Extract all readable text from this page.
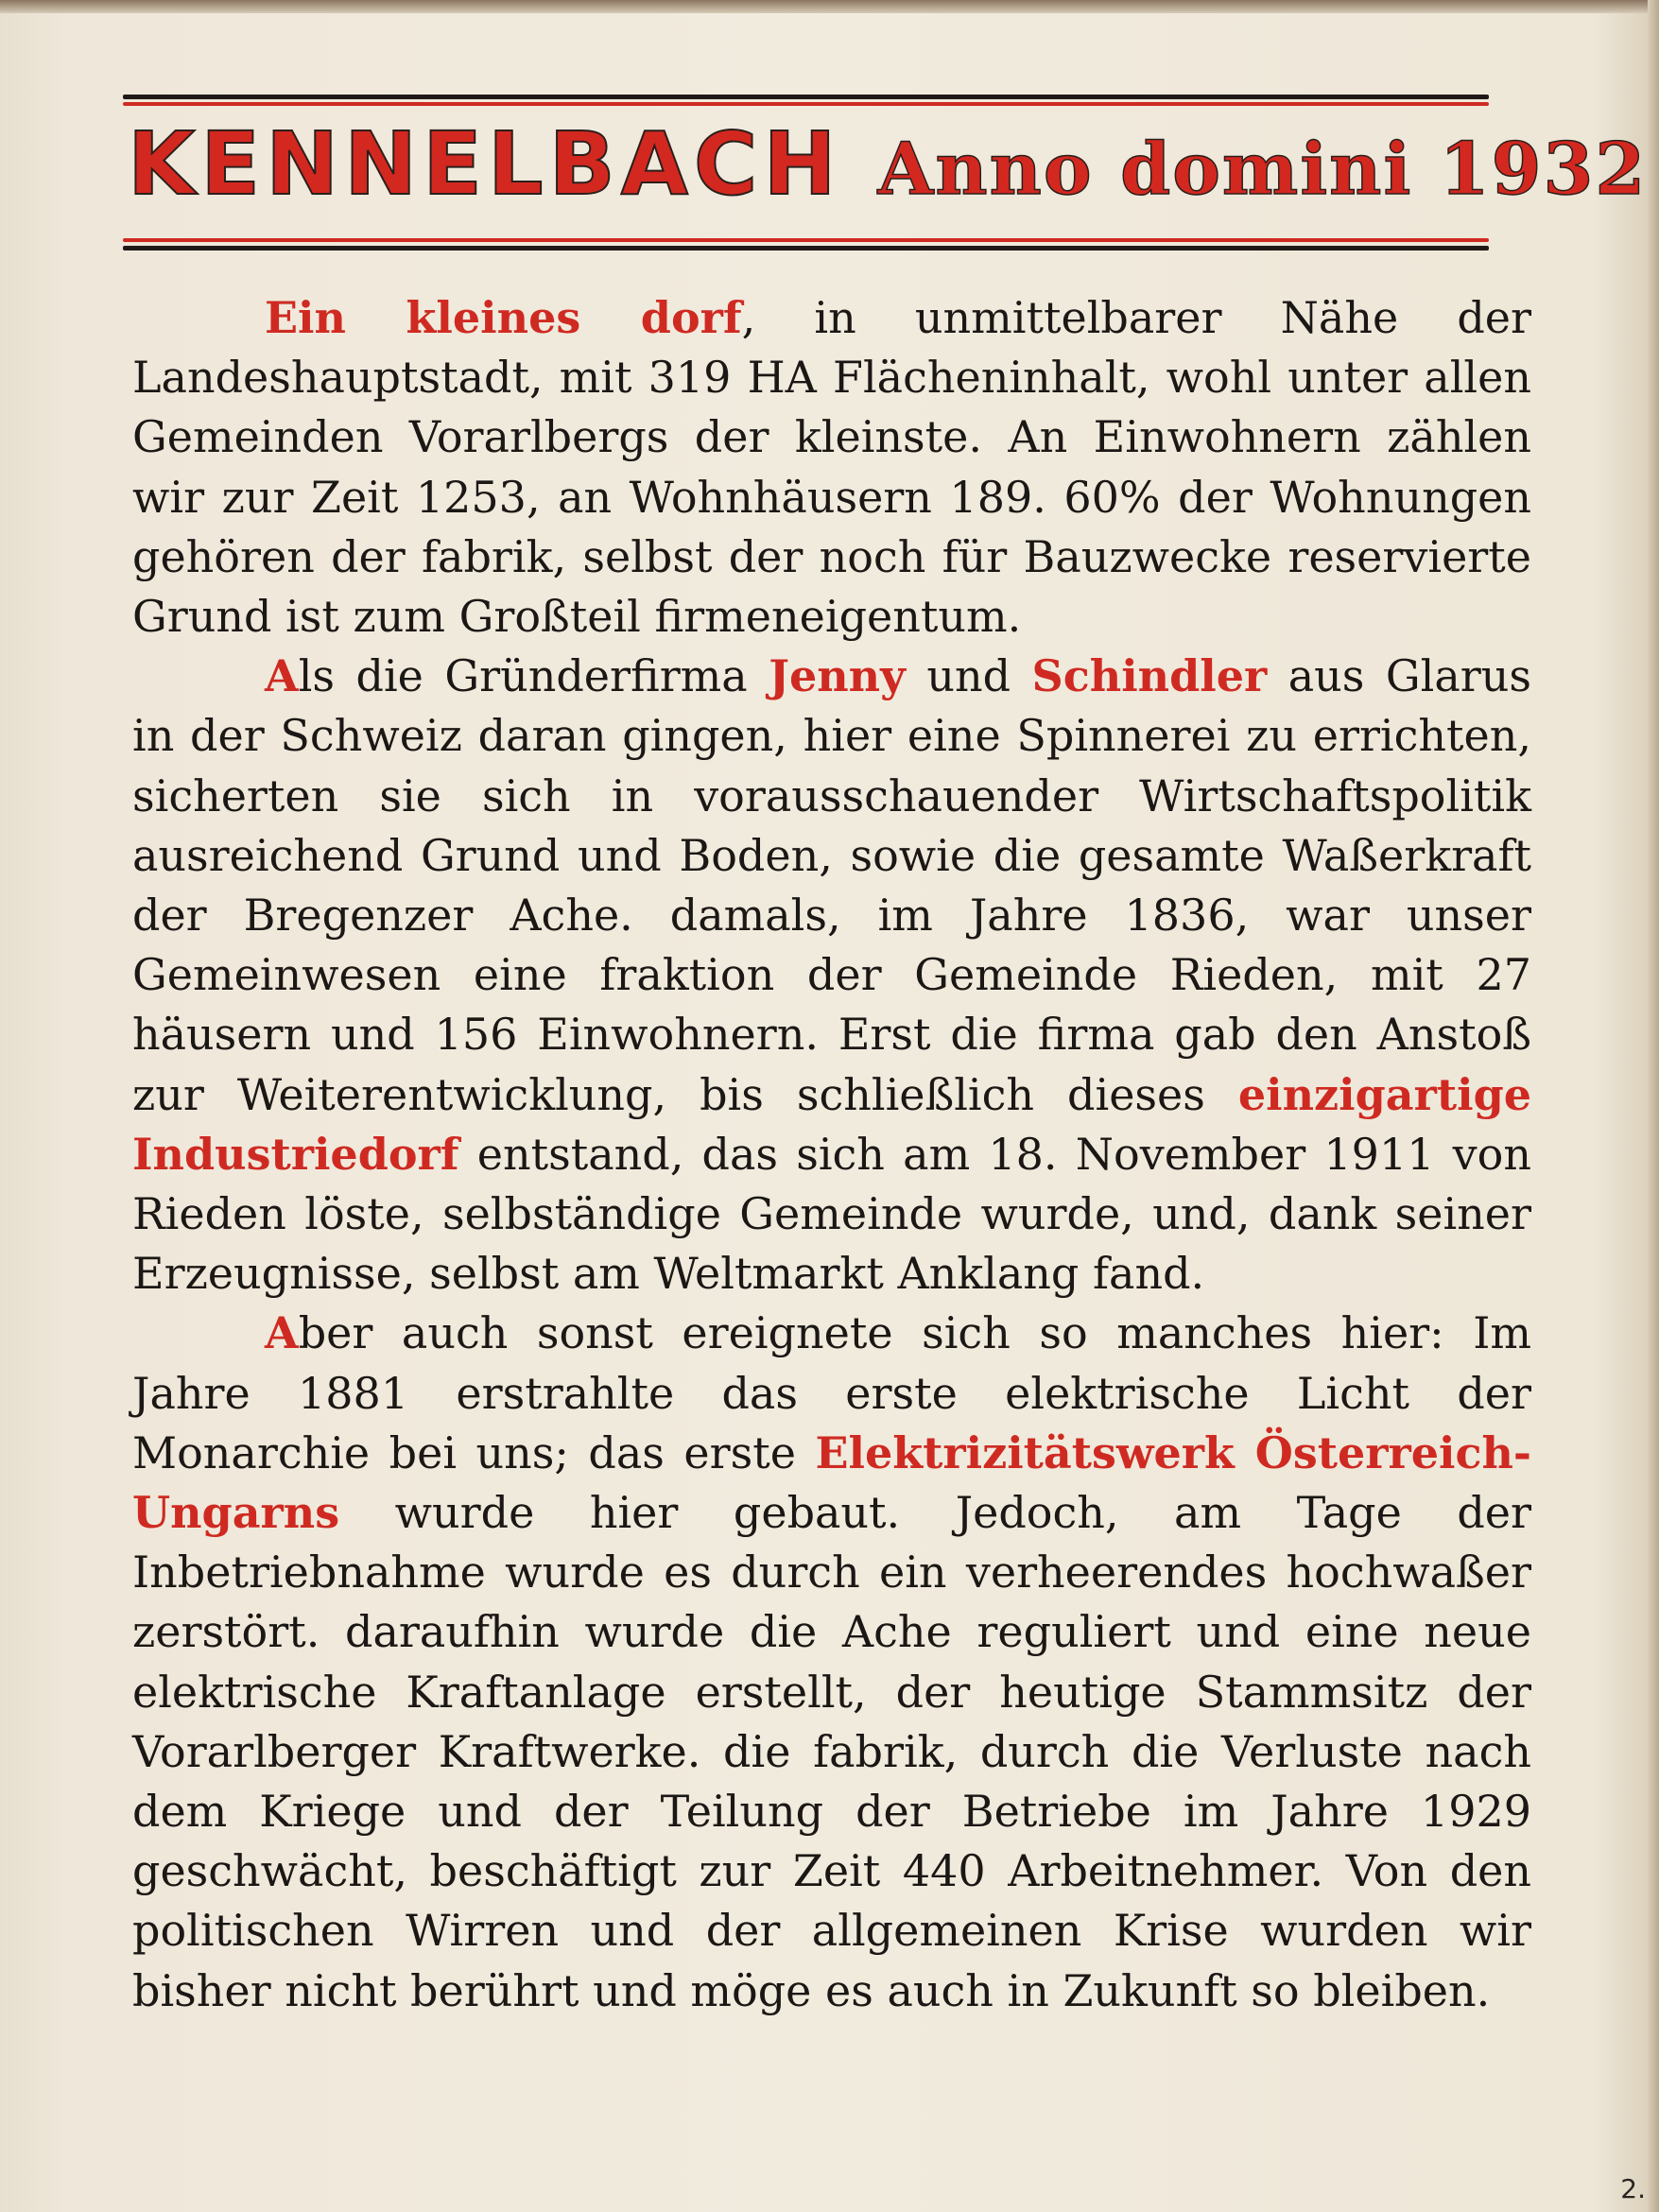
KENNELBACH Anno domini 1932

Ein kleines dorf, in unmittelbarer Nähe der Landeshauptstadt, mit 319 HA Flächeninhalt, wohl unter allen Gemeinden Vorarlbergs der kleinste. An Einwohnern zählen wir zur Zeit 1253, an Wohnhäusern 189. 60% der Wohnungen gehören der fabrik, selbst der noch für Bauzwecke reservierte Grund ist zum Großteil firmeneigentum.

Als die Gründerfirma Jenny und Schindler aus Glarus in der Schweiz daran gingen, hier eine Spinnerei zu errichten, sicherten sie sich in vorausschauender Wirtschaftspolitik ausreichend Grund und Boden, sowie die gesamte Waßerkraft der Bregenzer Ache. damals, im Jahre 1836, war unser Gemeinwesen eine fraktion der Gemeinde Rieden, mit 27 häusern und 156 Einwohnern. Erst die firma gab den Anstoß zur Weiterentwicklung, bis schließlich dieses einzigartige Industriedorf entstand, das sich am 18. November 1911 von Rieden löste, selbständige Gemeinde wurde, und, dank seiner Erzeugnisse, selbst am Weltmarkt Anklang fand.

Aber auch sonst ereignete sich so manches hier: Im Jahre 1881 erstrahlte das erste elektrische Licht der Monarchie bei uns; das erste Elektrizitätswerk Österreich-Ungarns wurde hier gebaut. Jedoch, am Tage der Inbetriebnahme wurde es durch ein verheerendes hochwaßer zerstört. daraufhin wurde die Ache reguliert und eine neue elektrische Kraftanlage erstellt, der heutige Stammsitz der Vorarlberger Kraftwerke. die fabrik, durch die Verluste nach dem Kriege und der Teilung der Betriebe im Jahre 1929 geschwächt, beschäftigt zur Zeit 440 Arbeitnehmer. Von den politischen Wirren und der allgemeinen Krise wurden wir bisher nicht berührt und möge es auch in Zukunft so bleiben.

2.
